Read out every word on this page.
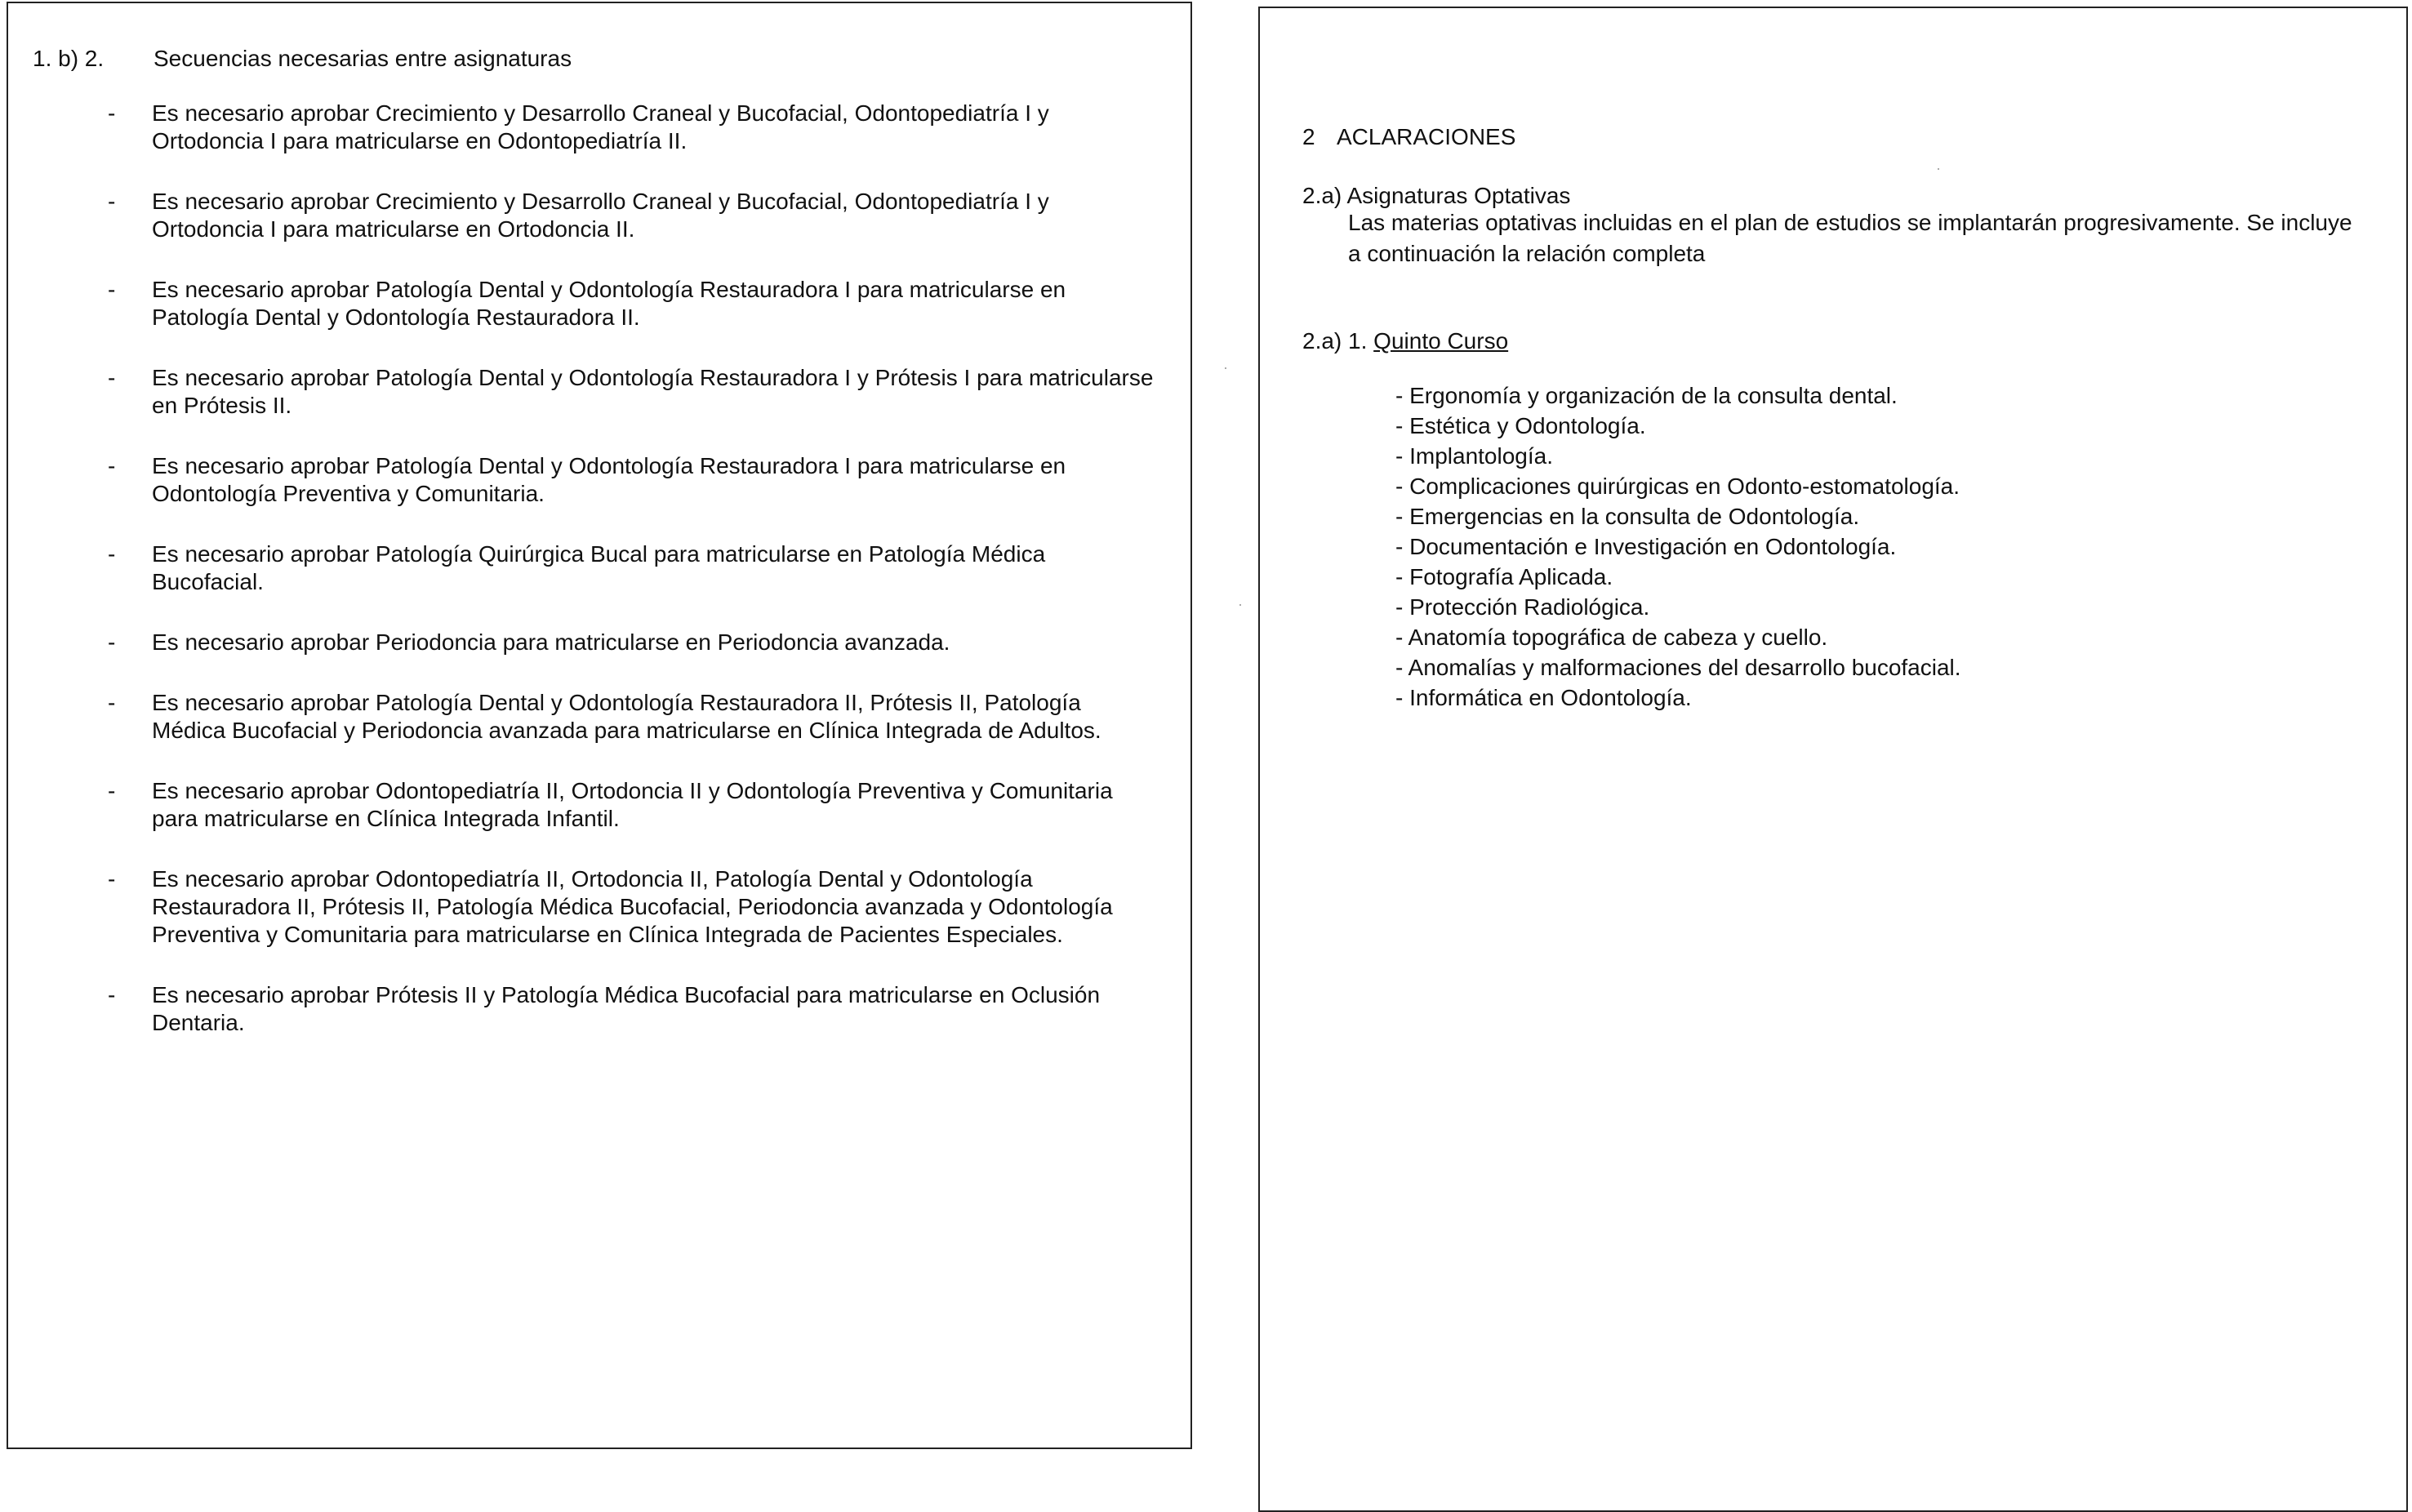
1. b) 2. Secuencias necesarias entre asignaturas
- Es necesario aprobar Crecimiento y Desarrollo Craneal y Bucofacial, Odontopediatría I y Ortodoncia I para matricularse en Odontopediatría II.
- Es necesario aprobar Crecimiento y Desarrollo Craneal y Bucofacial, Odontopediatría I y Ortodoncia I para matricularse en Ortodoncia II.
- Es necesario aprobar Patología Dental y Odontología Restauradora I para matricularse en Patología Dental y Odontología Restauradora II.
- Es necesario aprobar Patología Dental y Odontología Restauradora I y Prótesis I para matricularse en Prótesis II.
- Es necesario aprobar Patología Dental y Odontología Restauradora I para matricularse en Odontología Preventiva y Comunitaria.
- Es necesario aprobar Patología Quirúrgica Bucal para matricularse en Patología Médica Bucofacial.
- Es necesario aprobar Periodoncia para matricularse en Periodoncia avanzada.
- Es necesario aprobar Patología Dental y Odontología Restauradora II, Prótesis II, Patología Médica Bucofacial y Periodoncia avanzada para matricularse en Clínica Integrada de Adultos.
- Es necesario aprobar Odontopediatría II, Ortodoncia II y Odontología Preventiva y Comunitaria para matricularse en Clínica Integrada Infantil.
- Es necesario aprobar Odontopediatría II, Ortodoncia II, Patología Dental y Odontología Restauradora II, Prótesis II, Patología Médica Bucofacial, Periodoncia avanzada y Odontología Preventiva y Comunitaria para matricularse en Clínica Integrada de Pacientes Especiales.
- Es necesario aprobar Prótesis II y Patología Médica Bucofacial para matricularse en Oclusión Dentaria.
2 ACLARACIONES
2.a) Asignaturas Optativas
Las materias optativas incluidas en el plan de estudios se implantarán progresivamente. Se incluye a continuación la relación completa
2.a) 1. Quinto Curso
- Ergonomía y organización de la consulta dental.
- Estética y Odontología.
- Implantología.
- Complicaciones quirúrgicas en Odonto-estomatología.
- Emergencias en la consulta de Odontología.
- Documentación e Investigación en Odontología.
- Fotografía Aplicada.
- Protección Radiológica.
- Anatomía topográfica de cabeza y cuello.
- Anomalías y malformaciones del desarrollo bucofacial.
- Informática en Odontología.
